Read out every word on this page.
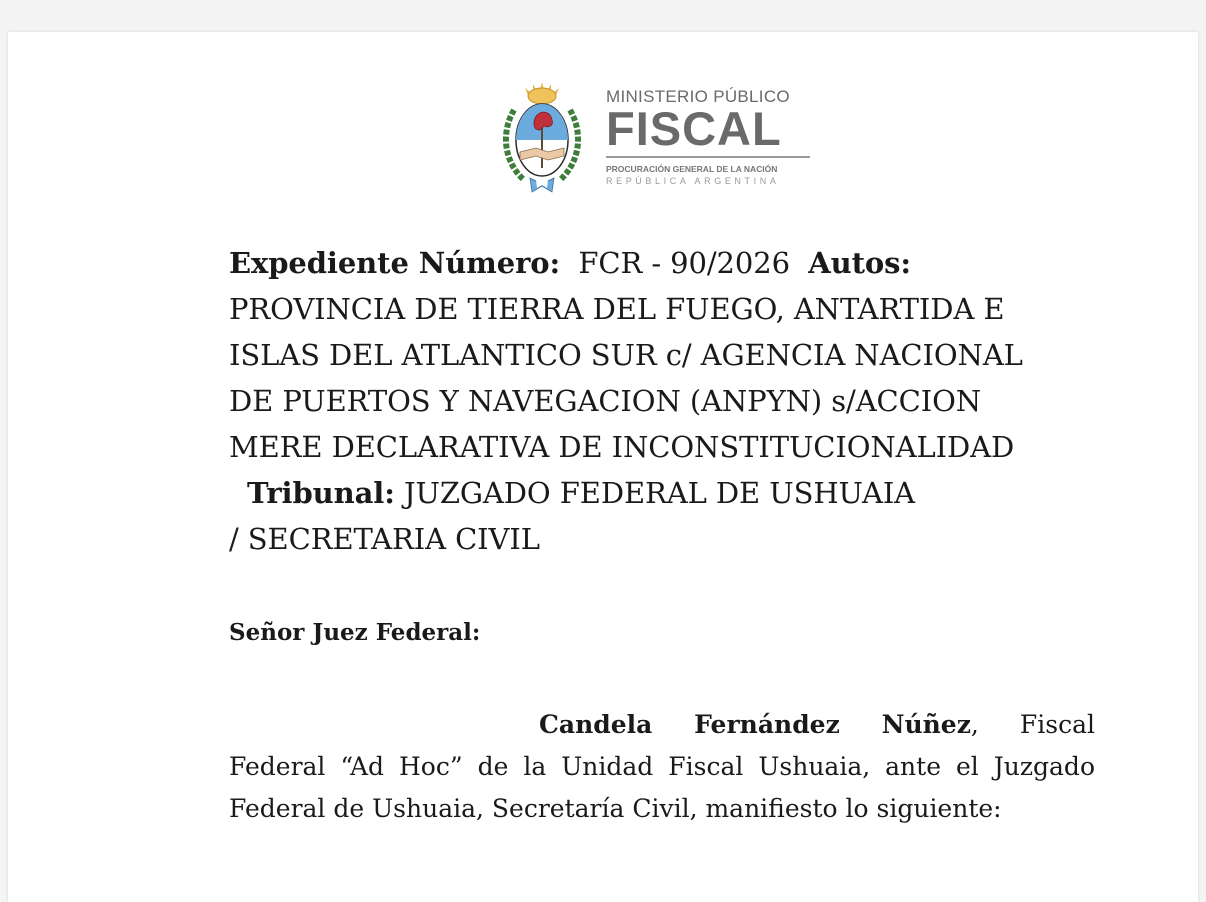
MINISTERIO PÚBLICO
FISCAL
PROCURACIÓN GENERAL DE LA NACIÓN
REPÚBLICA ARGENTINA
Expediente Número: FCR - 90/2026 Autos:
PROVINCIA DE TIERRA DEL FUEGO, ANTARTIDA E
ISLAS DEL ATLANTICO SUR c/ AGENCIA NACIONAL
DE PUERTOS Y NAVEGACION (ANPYN) s/ACCION
MERE DECLARATIVA DE INCONSTITUCIONALIDAD
Tribunal: JUZGADO FEDERAL DE USHUAIA
/ SECRETARIA CIVIL
Señor Juez Federal:
Candela Fernández Núñez, Fiscal Federal “Ad Hoc” de la Unidad Fiscal Ushuaia, ante el Juzgado Federal de Ushuaia, Secretaría Civil, manifiesto lo siguiente:
